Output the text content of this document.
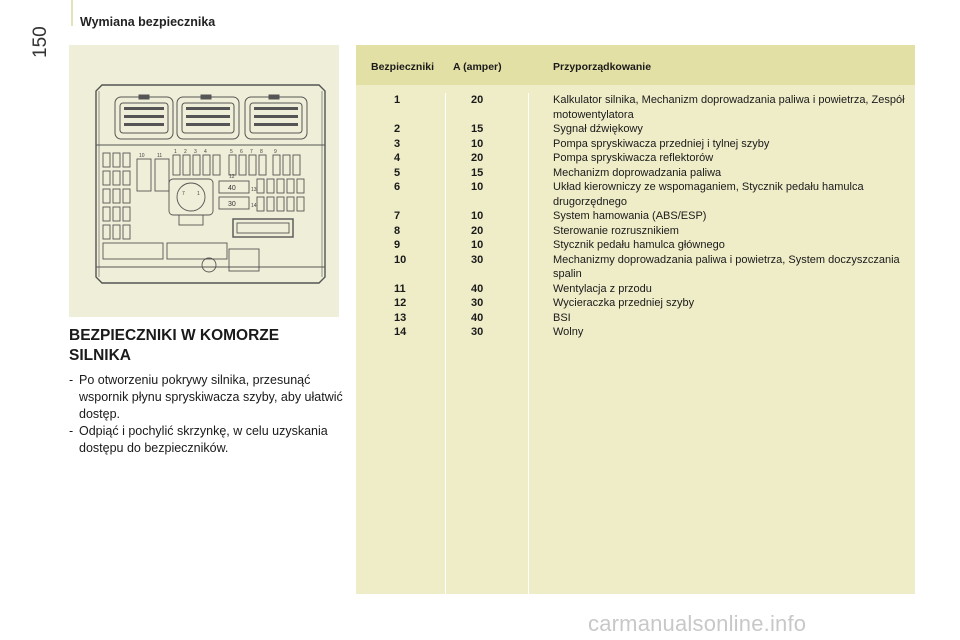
150
Wymiana bezpiecznika
10 11
1 2 3 4	5 6 7 8 9
12
13
14
7 1
40
30
BEZPIECZNIKI W KOMORZE SILNIKA

- Po otworzeniu pokrywy silnika, przesunąć wspornik płynu spryskiwacza szyby, aby ułatwić dostęp.

- Odpiąć i pochylić skrzynkę, w celu uzyskania dostępu do bezpieczników.

Bezpieczniki A (amper)	Przyporządkowanie
1	20	Kalkulator silnika, Mechanizm doprowadzania paliwa i powietrza, Zespół motowentylatora
2	15	Sygnał dźwiękowy
3	10	Pompa spryskiwacza przedniej i tylnej szyby
4	20	Pompa spryskiwacza reflektorów
5	15	Mechanizm doprowadzania paliwa
6	10	Układ kierowniczy ze wspomaganiem, Stycznik pedału hamulca drugorzędnego
7	10	System hamowania (ABS/ESP)
8	20	Sterowanie rozrusznikiem
9	10	Stycznik pedału hamulca głównego
10	30	Mechanizmy doprowadzania paliwa i powietrza, System doczyszczania spalin
11	40	Wentylacja z przodu
12	30	Wycieraczka przedniej szyby
13	40	BSI
14	30	Wolny
carmanualsonline.info
